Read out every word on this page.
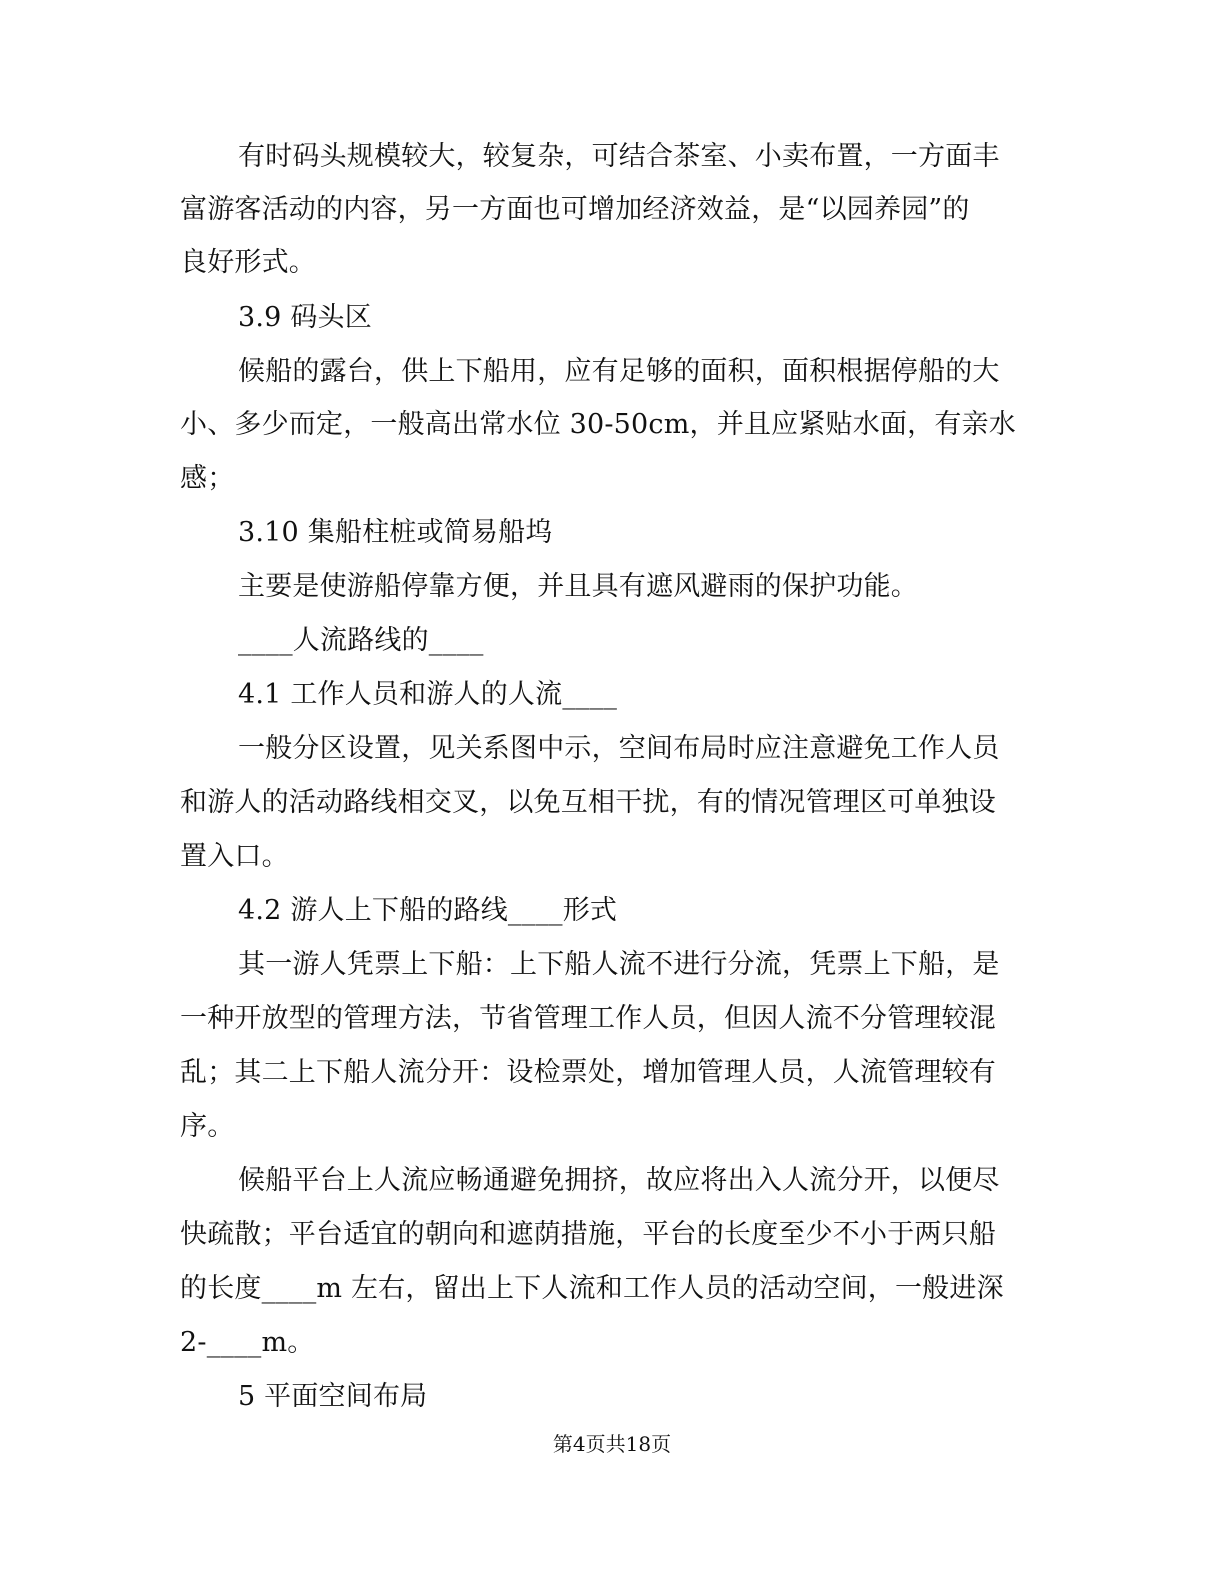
有时码头规模较大，较复杂，可结合茶室、小卖布置，一方面丰
富游客活动的内容，另一方面也可增加经济效益，是“以园养园”的
良好形式。
3.9 码头区
候船的露台，供上下船用，应有足够的面积，面积根据停船的大
小、多少而定，一般高出常水位 30-50cm，并且应紧贴水面，有亲水
感；
3.10 集船柱桩或简易船坞
主要是使游船停靠方便，并且具有遮风避雨的保护功能。
____人流路线的____
4.1 工作人员和游人的人流____
一般分区设置，见关系图中示，空间布局时应注意避免工作人员
和游人的活动路线相交叉，以免互相干扰，有的情况管理区可单独设
置入口。
4.2 游人上下船的路线____形式
其一游人凭票上下船：上下船人流不进行分流，凭票上下船，是
一种开放型的管理方法，节省管理工作人员，但因人流不分管理较混
乱；其二上下船人流分开：设检票处，增加管理人员，人流管理较有
序。
候船平台上人流应畅通避免拥挤，故应将出入人流分开，以便尽
快疏散；平台适宜的朝向和遮荫措施，平台的长度至少不小于两只船
的长度____m 左右，留出上下人流和工作人员的活动空间，一般进深
2-____m。
5 平面空间布局
第4页共18页
